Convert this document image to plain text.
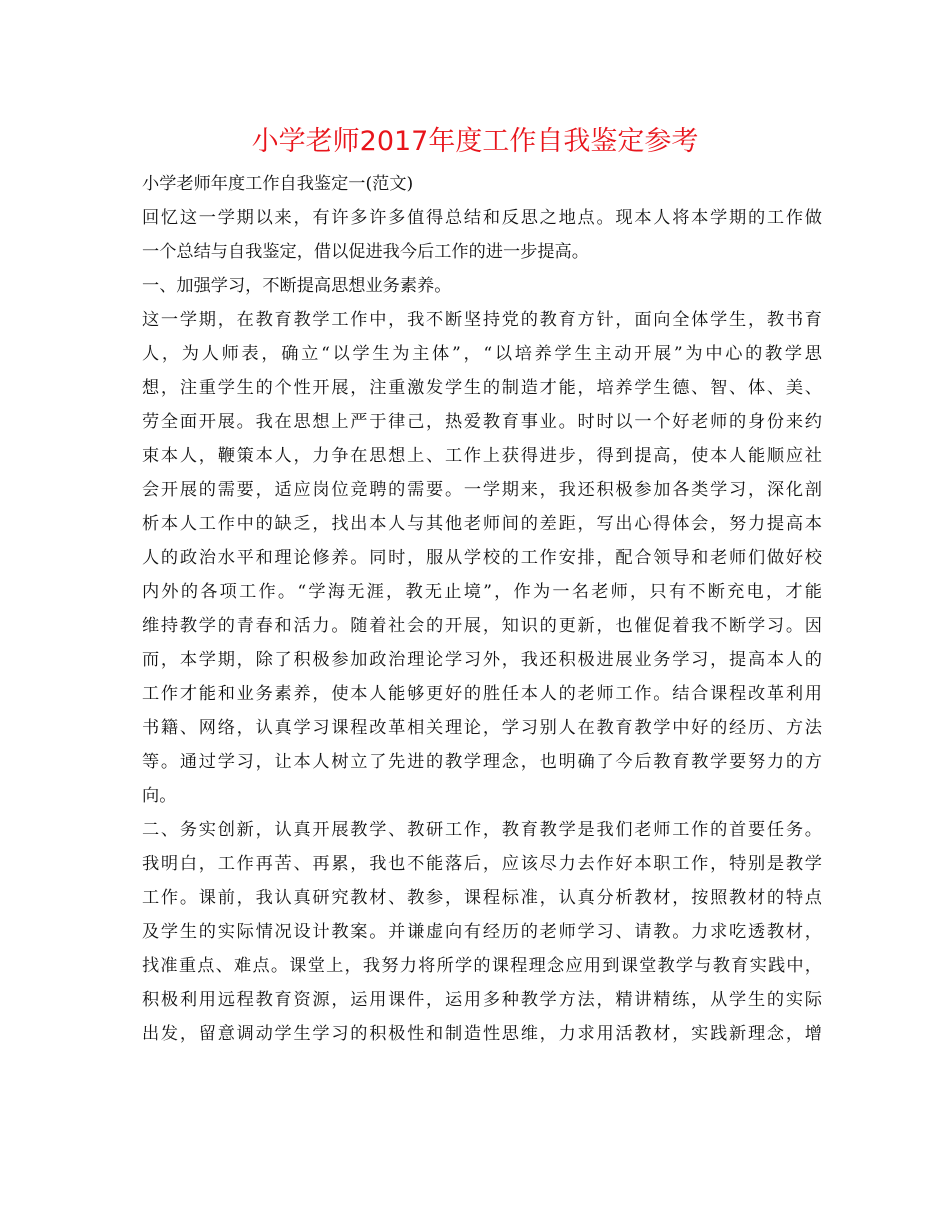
小学老师2017年度工作自我鉴定参考
小学老师年度工作自我鉴定一(范文)
回忆这一学期以来，有许多许多值得总结和反思之地点。现本人将本学期的工作做
一个总结与自我鉴定，借以促进我今后工作的进一步提高。
一、加强学习，不断提高思想业务素养。
这一学期，在教育教学工作中，我不断坚持党的教育方针，面向全体学生，教书育
人，为人师表，确立“以学生为主体”，“以培养学生主动开展”为中心的教学思
想，注重学生的个性开展，注重激发学生的制造才能，培养学生德、智、体、美、
劳全面开展。我在思想上严于律己，热爱教育事业。时时以一个好老师的身份来约
束本人，鞭策本人，力争在思想上、工作上获得进步，得到提高，使本人能顺应社
会开展的需要，适应岗位竞聘的需要。一学期来，我还积极参加各类学习，深化剖
析本人工作中的缺乏，找出本人与其他老师间的差距，写出心得体会，努力提高本
人的政治水平和理论修养。同时，服从学校的工作安排，配合领导和老师们做好校
内外的各项工作。“学海无涯，教无止境”，作为一名老师，只有不断充电，才能
维持教学的青春和活力。随着社会的开展，知识的更新，也催促着我不断学习。因
而，本学期，除了积极参加政治理论学习外，我还积极进展业务学习，提高本人的
工作才能和业务素养，使本人能够更好的胜任本人的老师工作。结合课程改革利用
书籍、网络，认真学习课程改革相关理论，学习别人在教育教学中好的经历、方法
等。通过学习，让本人树立了先进的教学理念，也明确了今后教育教学要努力的方
向。
二、务实创新，认真开展教学、教研工作，教育教学是我们老师工作的首要任务。
我明白，工作再苦、再累，我也不能落后，应该尽力去作好本职工作，特别是教学
工作。课前，我认真研究教材、教参，课程标准，认真分析教材，按照教材的特点
及学生的实际情况设计教案。并谦虚向有经历的老师学习、请教。力求吃透教材，
找准重点、难点。课堂上，我努力将所学的课程理念应用到课堂教学与教育实践中，
积极利用远程教育资源，运用课件，运用多种教学方法，精讲精练，从学生的实际
出发，留意调动学生学习的积极性和制造性思维，力求用活教材，实践新理念，增
